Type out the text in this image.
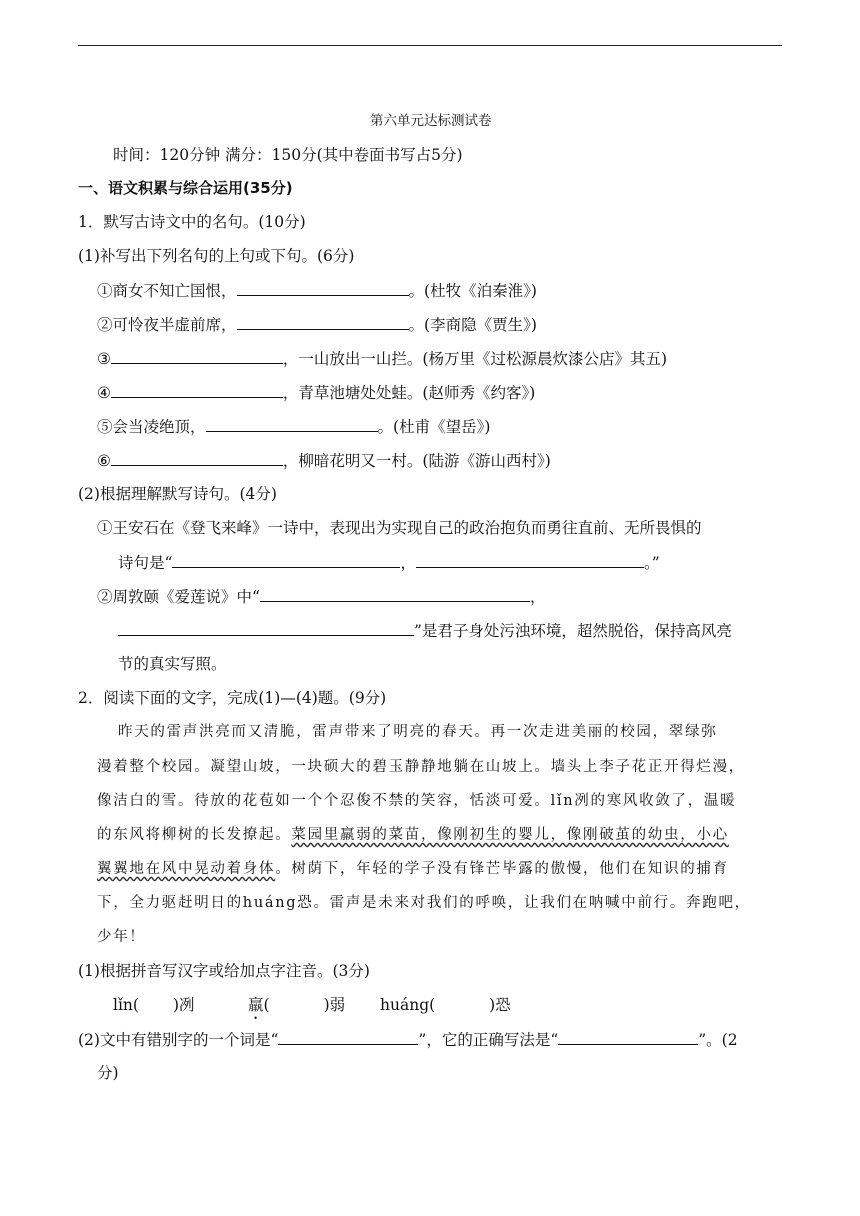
第六单元达标测试卷
时间：120分钟 满分：150分(其中卷面书写占5分)
一、语文积累与综合运用(35分)
1．默写古诗文中的名句。(10分)
(1)补写出下列名句的上句或下句。(6分)
①商女不知亡国恨，	。(杜牧《泊秦淮》)
②可怜夜半虚前席，	。(李商隐《贾生》)
③	，一山放出一山拦。(杨万里《过松源晨炊漆公店》其五)
④	，青草池塘处处蛙。(赵师秀《约客》)
⑤会当凌绝顶，	。(杜甫《望岳》)
⑥	，柳暗花明又一村。(陆游《游山西村》)
(2)根据理解默写诗句。(4分)
①王安石在《登飞来峰》一诗中，表现出为实现自己的政治抱负而勇往直前、无所畏惧的
诗句是“	，	。”
②周敦颐《爱莲说》中“	，
”是君子身处污浊环境，超然脱俗，保持高风亮
节的真实写照。
2．阅读下面的文字，完成(1)—(4)题。(9分)
昨天的雷声洪亮而又清脆，雷声带来了明亮的春天。再一次走进美丽的校园，翠绿弥
漫着整个校园。凝望山坡，一块硕大的碧玉静静地躺在山坡上。墙头上李子花正开得烂漫，
像洁白的雪。待放的花苞如一个个忍俊不禁的笑容，恬淡可爱。lǐn冽的寒风收敛了，温暖
的东风将柳树的长发撩起。菜园里羸弱的菜苗，像刚初生的婴儿，像刚破茧的幼虫，小心
翼翼地在风中晃动着身体。树荫下，年轻的学子没有锋芒毕露的傲慢，他们在知识的捕育
下，全力驱赶明日的huáng恐。雷声是未来对我们的呼唤，让我们在呐喊中前行。奔跑吧，
少年！
(1)根据拼音写汉字或给加点字注音。(3分)
lǐn( )冽	羸(	)弱 huáng(	)恐
(2)文中有错别字的一个词是“	”，它的正确写法是“	”。(2
分)
